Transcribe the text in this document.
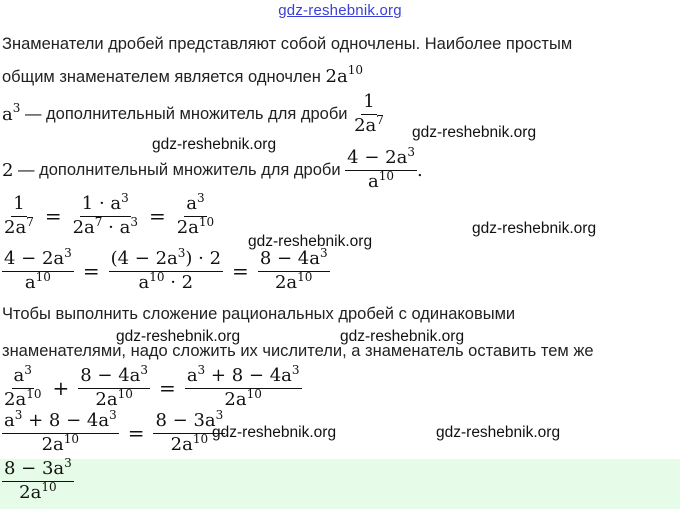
gdz-reshebnik.org
Знаменатели дробей представляют собой одночлены. Наиболее простым
общим знаменателем является одночлен $2a^{10}$
$a^3$ — дополнительный множитель для дроби $\frac{1}{2a^7}$
2 — дополнительный множитель для дроби $\frac{4 - 2a^3}{a^{10}}$ .
$\frac{1}{2a^7} = \frac{1 \cdot a^3}{2a^7 \cdot a^3} = \frac{a^3}{2a^{10}}$
$\frac{4 - 2a^3}{a^{10}} = \frac{(4 - 2a^3) \cdot 2}{a^{10} \cdot 2} = \frac{8 - 4a^3}{2a^{10}}$
Чтобы выполнить сложение рациональных дробей с одинаковыми
знаменателями, надо сложить их числители, а знаменатель оставить тем же
$\frac{a^3}{2a^{10}} + \frac{8 - 4a^3}{2a^{10}} = \frac{a^3 + 8 - 4a^3}{2a^{10}}$
$\frac{a^3 + 8 - 4a^3}{2a^{10}} = \frac{8 - 3a^3}{2a^{10}}$
$\frac{8 - 3a^3}{2a^{10}}$
gdz-reshebnik.org
gdz-reshebnik.org
gdz-reshebnik.org
gdz-reshebnik.org
gdz-reshebnik.org	gdz-reshebnik.org
gdz-reshebnik.org	gdz-reshebnik.org
